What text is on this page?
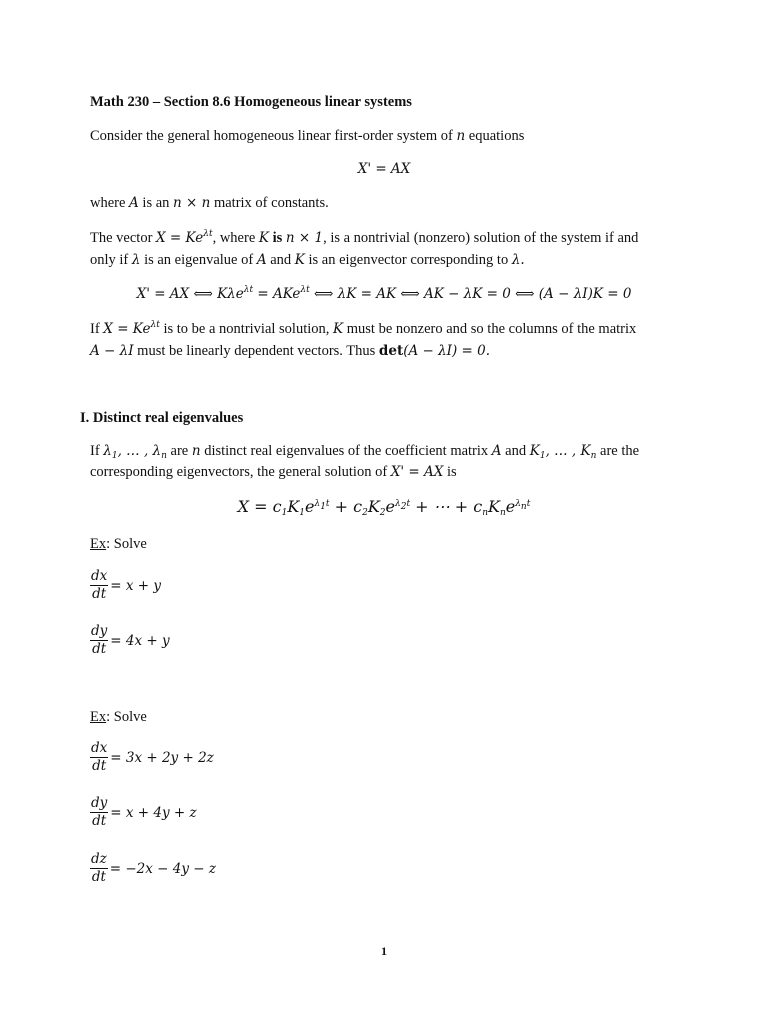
Math 230 – Section 8.6 Homogeneous linear systems
Consider the general homogeneous linear first-order system of n equations
X' = AX
where A is an n × n matrix of constants.
The vector $X = Ke^{\lambda t}$, where K is n × 1, is a nontrivial (nonzero) solution of the system if and
only if λ is an eigenvalue of A and K is an eigenvector corresponding to λ.
X' = AX ⟺ Kλe$^{\lambda t}$ = AKe$^{\lambda t}$ ⟺ λK = AK ⟺ AK − λK = 0 ⟺ (A − λI)K = 0
If $X = Ke^{\lambda t}$ is to be a nontrivial solution, K must be nonzero and so the columns of the matrix
A − λI must be linearly dependent vectors. Thus det(A − λI) = 0.
I. Distinct real eigenvalues
If $\lambda_1$, … , $\lambda_n$ are n distinct real eigenvalues of the coefficient matrix A and $K_1$, … , $K_n$ are the
corresponding eigenvectors, the general solution of X' = AX is
$X = c_1K_1e^{\lambda_1t} + c_2K_2e^{\lambda_2t}$ + ⋯ + $c_nK_ne^{\lambda_nt}$
Ex: Solve
$\frac{dx}{dt} = x + y$
$\frac{dy}{dt} = 4x + y$
Ex: Solve
$\frac{dx}{dt} = 3x + 2y + 2z$
$\frac{dy}{dt} = x + 4y + z$
$\frac{dz}{dt} = -2x - 4y - z$
1
